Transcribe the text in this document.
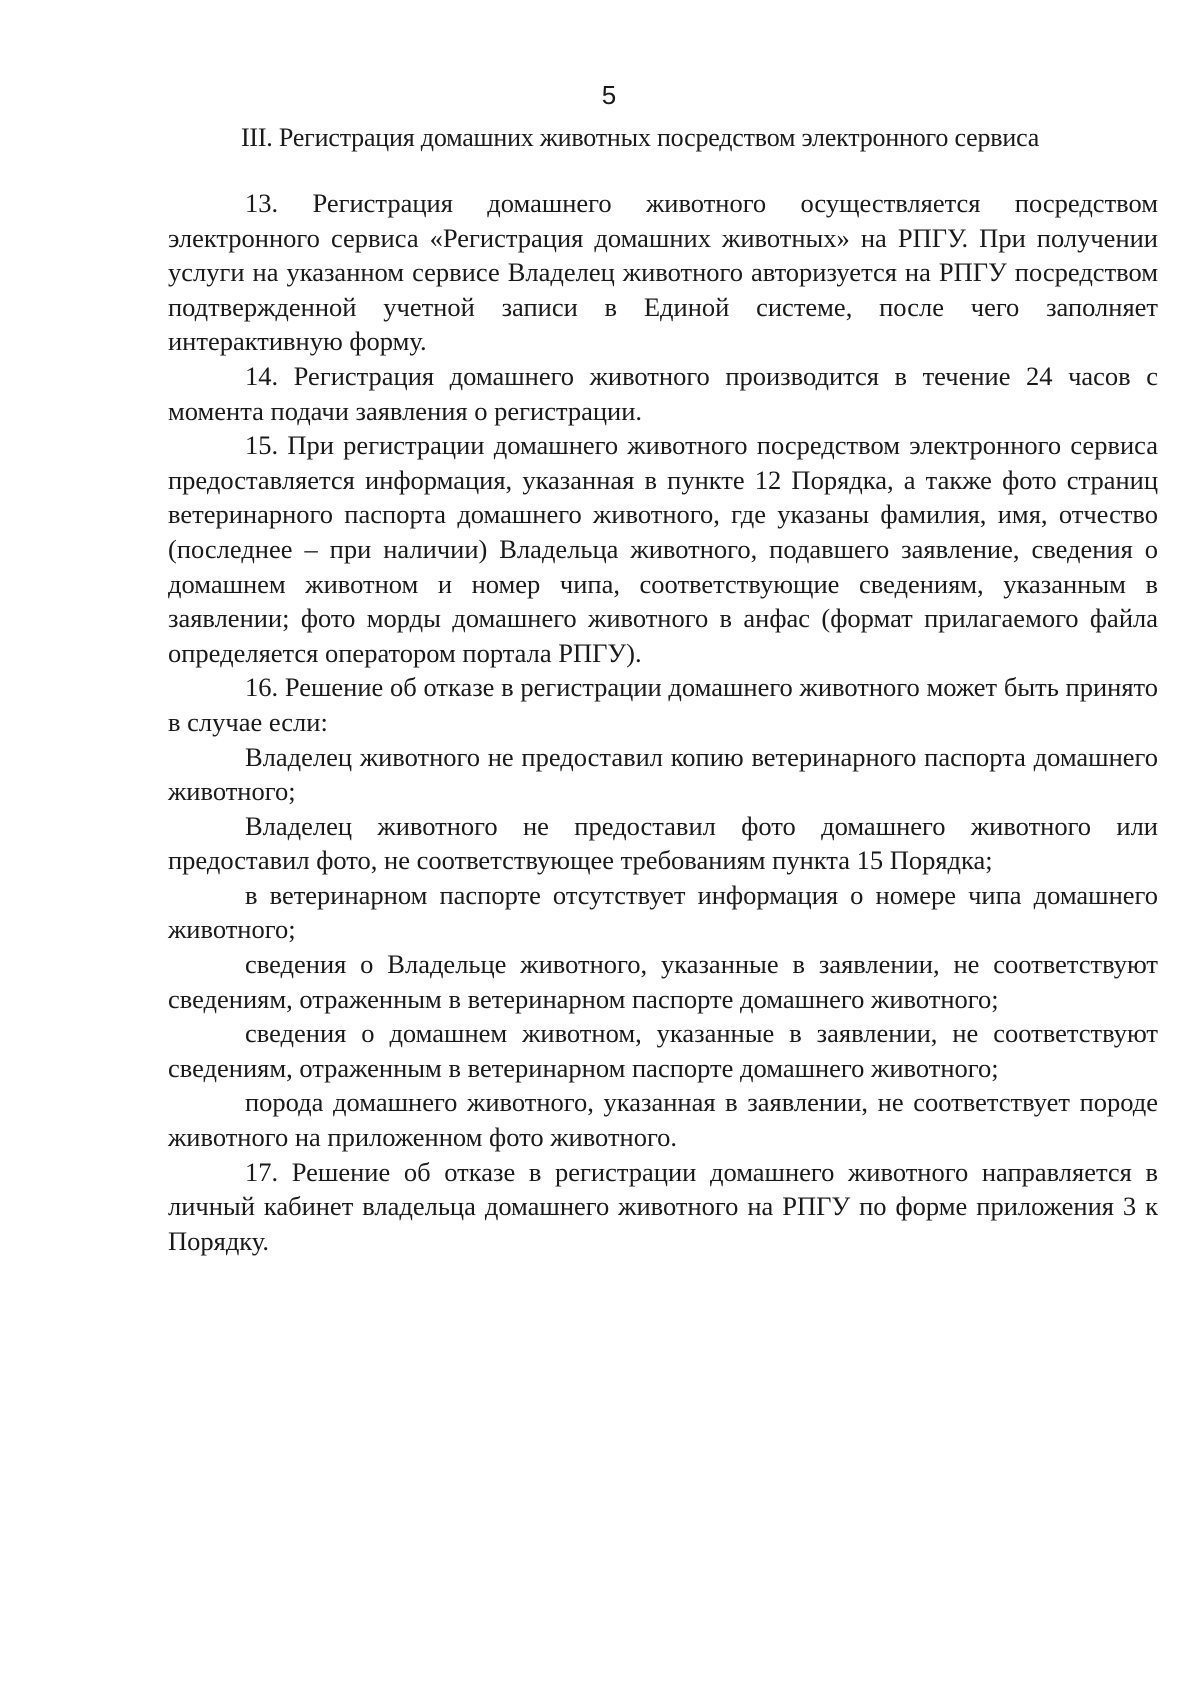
5
III. Регистрация домашних животных посредством электронного сервиса

13. Регистрация домашнего животного осуществляется посредством электронного сервиса «Регистрация домашних животных» на РПГУ. При получении услуги на указанном сервисе Владелец животного авторизуется на РПГУ посредством подтвержденной учетной записи в Единой системе, после чего заполняет интерактивную форму.

14. Регистрация домашнего животного производится в течение 24 часов с момента подачи заявления о регистрации.

15. При регистрации домашнего животного посредством электронного сервиса предоставляется информация, указанная в пункте 12 Порядка, а также фото страниц ветеринарного паспорта домашнего животного, где указаны фамилия, имя, отчество (последнее – при наличии) Владельца животного, подавшего заявление, сведения о домашнем животном и номер чипа, соответствующие сведениям, указанным в заявлении; фото морды домашнего животного в анфас (формат прилагаемого файла определяется оператором портала РПГУ).

16. Решение об отказе в регистрации домашнего животного может быть принято в случае если:

Владелец животного не предоставил копию ветеринарного паспорта домашнего животного;

Владелец животного не предоставил фото домашнего животного или предоставил фото, не соответствующее требованиям пункта 15 Порядка;

в ветеринарном паспорте отсутствует информация о номере чипа домашнего животного;

сведения о Владельце животного, указанные в заявлении, не соответствуют сведениям, отраженным в ветеринарном паспорте домашнего животного;

сведения о домашнем животном, указанные в заявлении, не соответствуют сведениям, отраженным в ветеринарном паспорте домашнего животного;

порода домашнего животного, указанная в заявлении, не соответствует породе животного на приложенном фото животного.

17. Решение об отказе в регистрации домашнего животного направляется в личный кабинет владельца домашнего животного на РПГУ по форме приложения 3 к Порядку.
